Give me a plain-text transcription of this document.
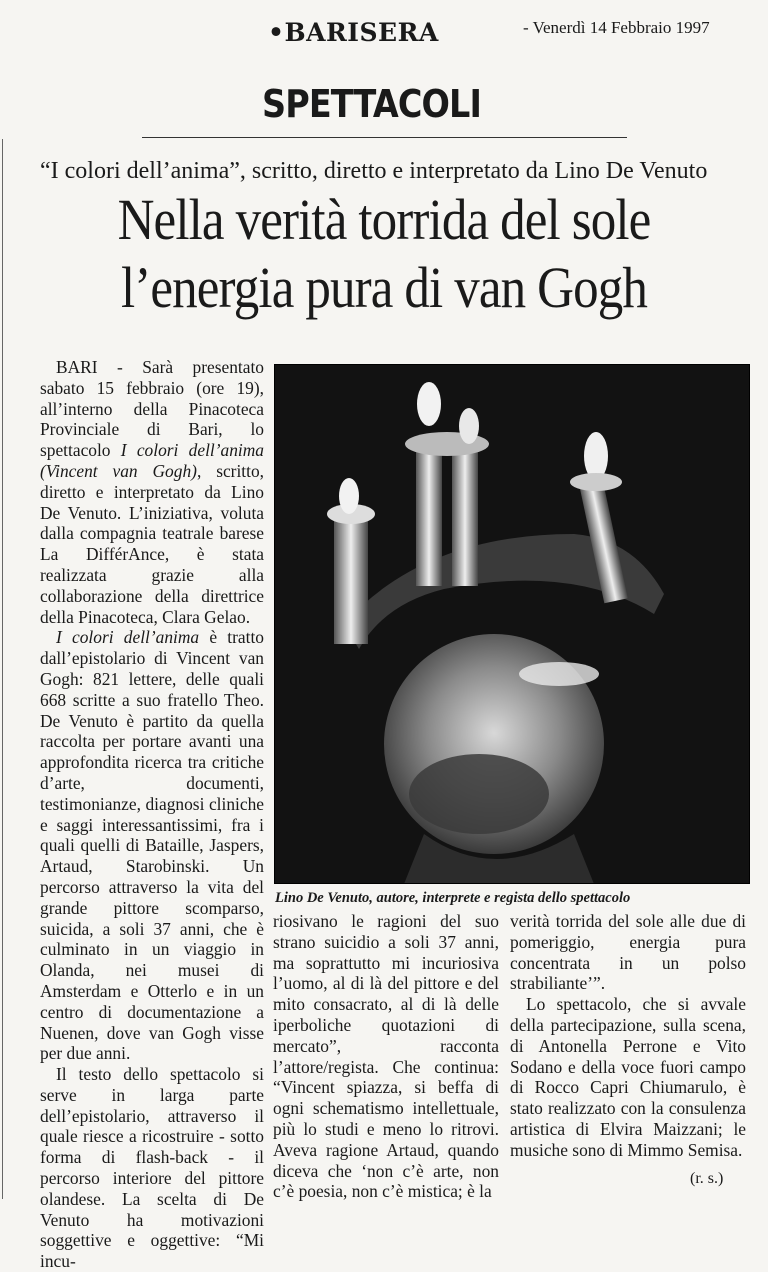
•BARISERA	- Venerdì 14 Febbraio 1997
SPETTACOLI
“I colori dell’anima”, scritto, diretto e interpretato da Lino De Venuto
Nella verità torrida del sole
l’energia pura di van Gogh

BARI - Sarà presentato sabato 15 febbraio (ore 19), all’interno della Pinacoteca Provinciale di Bari, lo spettacolo I colori dell’anima (Vincent van Gogh), scritto, diretto e interpretato da Lino De Venuto. L’iniziativa, voluta dalla compagnia teatrale barese La DifférAnce, è stata realizzata grazie alla collaborazione della direttrice della Pinacoteca, Clara Gelao.

I colori dell’anima è tratto dall’epistolario di Vincent van Gogh: 821 lettere, delle quali 668 scritte a suo fratello Theo. De Venuto è partito da quella raccolta per portare avanti una approfondita ricerca tra critiche d’arte, documenti, testimonianze, diagnosi cliniche e saggi interessantissimi, fra i quali quelli di Bataille, Jaspers, Artaud, Starobinski. Un percorso attraverso la vita del grande pittore scomparso, suicida, a soli 37 anni, che è culminato in un viaggio in Olanda, nei musei di Amsterdam e Otterlo e in un centro di documentazione a Nuenen, dove van Gogh visse per due anni.

Il testo dello spettacolo si serve in larga parte dell’epistolario, attraverso il quale riesce a ricostruire - sotto forma di flash-back - il percorso interiore del pittore olandese. La scelta di De Venuto ha motivazioni soggettive e oggettive: “Mi incu-

Lino De Venuto, autore, interprete e regista dello spettacolo

riosivano le ragioni del suo strano suicidio a soli 37 anni, ma soprattutto mi incuriosiva l’uomo, al di là del pittore e del mito consacrato, al di là delle iperboliche quotazioni di mercato”, racconta l’attore/regista. Che continua: “Vincent spiazza, si beffa di ogni schematismo intellettuale, più lo studi e meno lo ritrovi. Aveva ragione Artaud, quando diceva che ‘non c’è arte, non c’è poesia, non c’è mistica; è la

verità torrida del sole alle due di pomeriggio, energia pura concentrata in un polso strabiliante’”.

Lo spettacolo, che si avvale della partecipazione, sulla scena, di Antonella Perrone e Vito Sodano e della voce fuori campo di Rocco Capri Chiumarulo, è stato realizzato con la consulenza artistica di Elvira Maizzani; le musiche sono di Mimmo Semisa.

(r. s.)
